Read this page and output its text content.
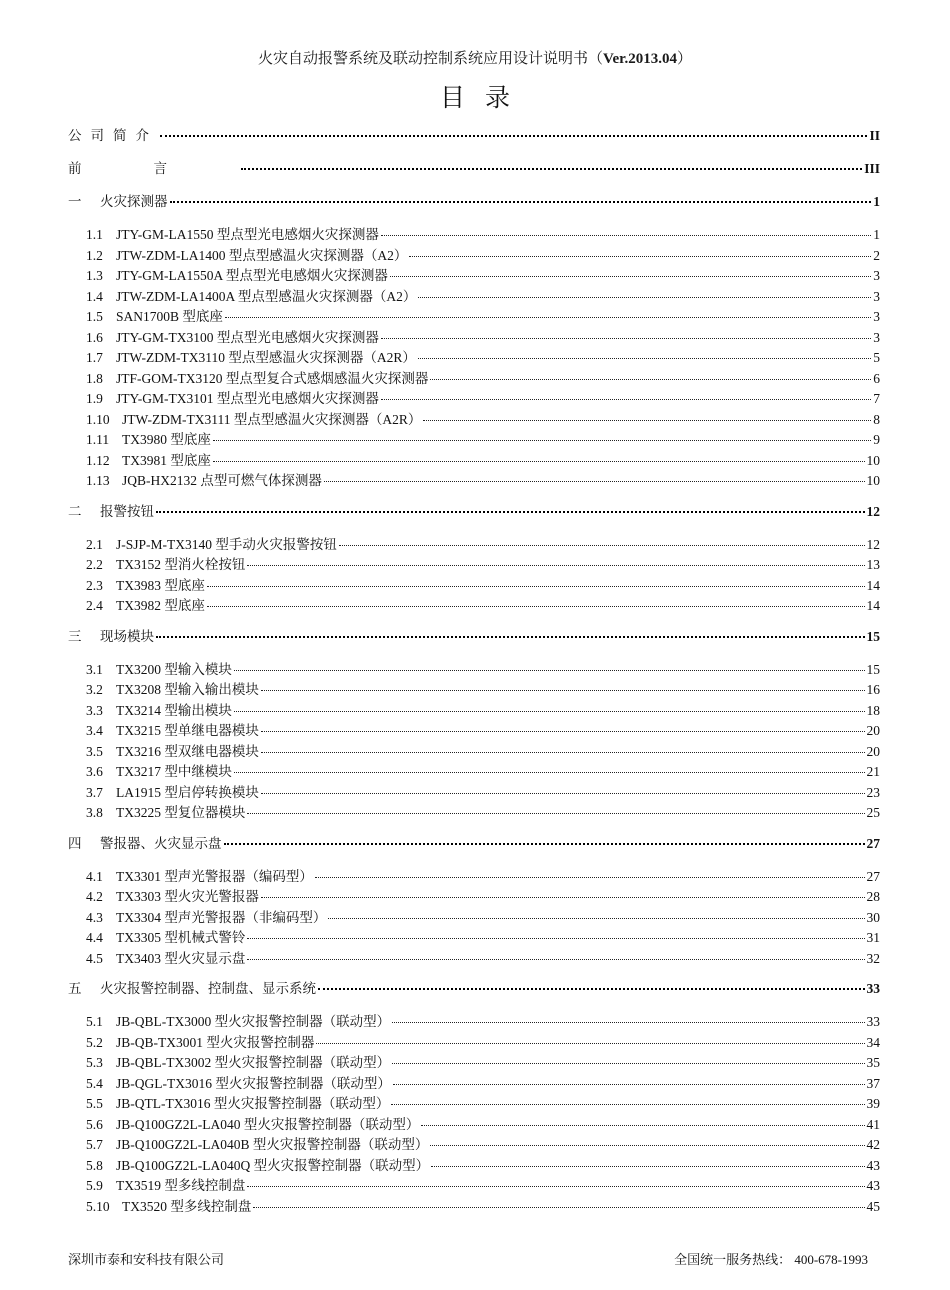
火灾自动报警系统及联动控制系统应用设计说明书（Ver.2013.04）
目录
公司简介	II
前言	III
一	火灾探测器	1
1.1 JTY-GM-LA1550 型点型光电感烟火灾探测器	1
1.2 JTW-ZDM-LA1400 型点型感温火灾探测器（A2）	2
1.3 JTY-GM-LA1550A 型点型光电感烟火灾探测器	3
1.4 JTW-ZDM-LA1400A 型点型感温火灾探测器（A2）	3
1.5 SAN1700B 型底座	3
1.6 JTY-GM-TX3100 型点型光电感烟火灾探测器	3
1.7 JTW-ZDM-TX3110 型点型感温火灾探测器（A2R）	5
1.8 JTF-GOM-TX3120 型点型复合式感烟感温火灾探测器	6
1.9 JTY-GM-TX3101 型点型光电感烟火灾探测器	7
1.10 JTW-ZDM-TX3111 型点型感温火灾探测器（A2R）	8
1.11 TX3980 型底座	9
1.12 TX3981 型底座	10
1.13 JQB-HX2132 点型可燃气体探测器	10
二	报警按钮	12
2.1 J-SJP-M-TX3140 型手动火灾报警按钮	12
2.2 TX3152 型消火栓按钮	13
2.3 TX3983 型底座	14
2.4 TX3982 型底座	14
三	现场模块	15
3.1 TX3200 型输入模块	15
3.2 TX3208 型输入输出模块	16
3.3 TX3214 型输出模块	18
3.4 TX3215 型单继电器模块	20
3.5 TX3216 型双继电器模块	20
3.6 TX3217 型中继模块	21
3.7 LA1915 型启停转换模块	23
3.8 TX3225 型复位器模块	25
四	警报器、火灾显示盘	27
4.1 TX3301 型声光警报器（编码型）	27
4.2 TX3303 型火灾光警报器	28
4.3 TX3304 型声光警报器（非编码型）	30
4.4 TX3305 型机械式警铃	31
4.5 TX3403 型火灾显示盘	32
五	火灾报警控制器、控制盘、显示系统	33
5.1 JB-QBL-TX3000 型火灾报警控制器（联动型）	33
5.2 JB-QB-TX3001 型火灾报警控制器	34
5.3 JB-QBL-TX3002 型火灾报警控制器（联动型）	35
5.4 JB-QGL-TX3016 型火灾报警控制器（联动型）	37
5.5 JB-QTL-TX3016 型火灾报警控制器（联动型）	39
5.6 JB-Q100GZ2L-LA040 型火灾报警控制器（联动型）	41
5.7 JB-Q100GZ2L-LA040B 型火灾报警控制器（联动型）	42
5.8 JB-Q100GZ2L-LA040Q 型火灾报警控制器（联动型）	43
5.9 TX3519 型多线控制盘	43
5.10 TX3520 型多线控制盘	45
深圳市泰和安科技有限公司	全国统一服务热线： 400-678-1993
